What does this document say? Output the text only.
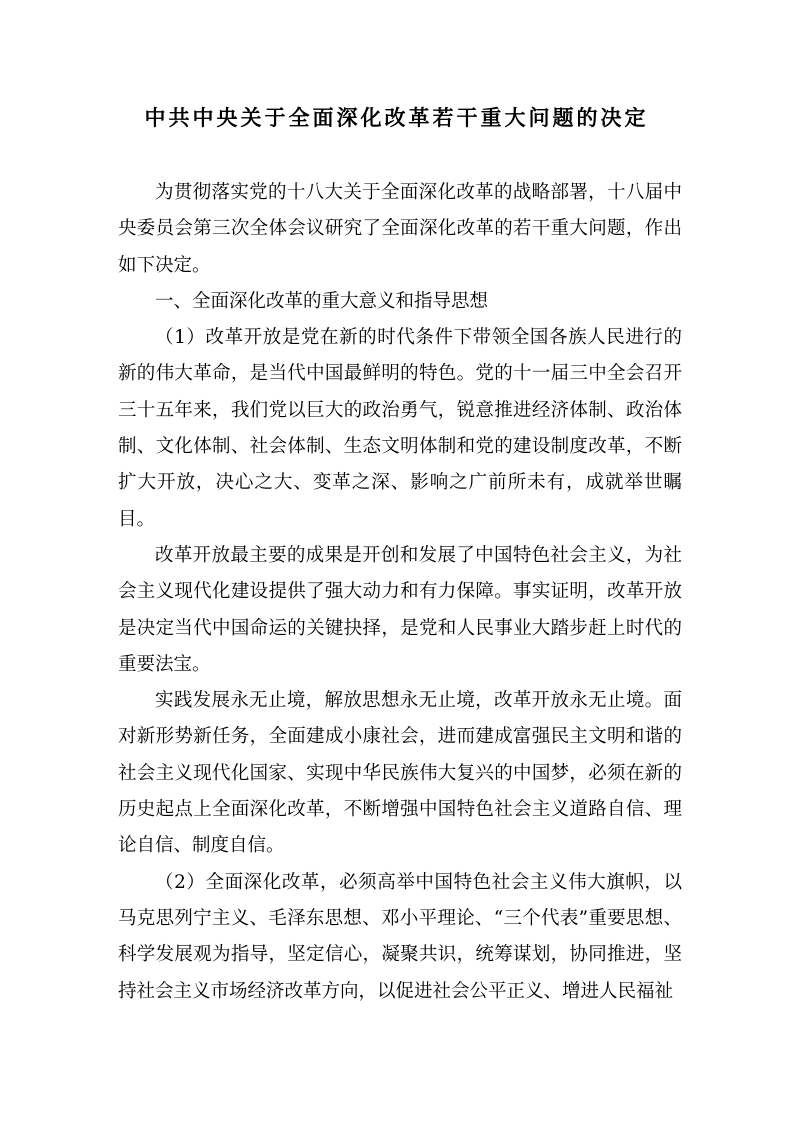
中共中央关于全面深化改革若干重大问题的决定

为贯彻落实党的十八大关于全面深化改革的战略部署，十八届中央委员会第三次全体会议研究了全面深化改革的若干重大问题，作出如下决定。

一、全面深化改革的重大意义和指导思想

（1）改革开放是党在新的时代条件下带领全国各族人民进行的新的伟大革命，是当代中国最鲜明的特色。党的十一届三中全会召开三十五年来，我们党以巨大的政治勇气，锐意推进经济体制、政治体制、文化体制、社会体制、生态文明体制和党的建设制度改革，不断扩大开放，决心之大、变革之深、影响之广前所未有，成就举世瞩目。

改革开放最主要的成果是开创和发展了中国特色社会主义，为社会主义现代化建设提供了强大动力和有力保障。事实证明，改革开放是决定当代中国命运的关键抉择，是党和人民事业大踏步赶上时代的重要法宝。

实践发展永无止境，解放思想永无止境，改革开放永无止境。面对新形势新任务，全面建成小康社会，进而建成富强民主文明和谐的社会主义现代化国家、实现中华民族伟大复兴的中国梦，必须在新的历史起点上全面深化改革，不断增强中国特色社会主义道路自信、理论自信、制度自信。

（2）全面深化改革，必须高举中国特色社会主义伟大旗帜，以马克思列宁主义、毛泽东思想、邓小平理论、“三个代表”重要思想、科学发展观为指导，坚定信心，凝聚共识，统筹谋划，协同推进，坚持社会主义市场经济改革方向，以促进社会公平正义、增进人民福祉
